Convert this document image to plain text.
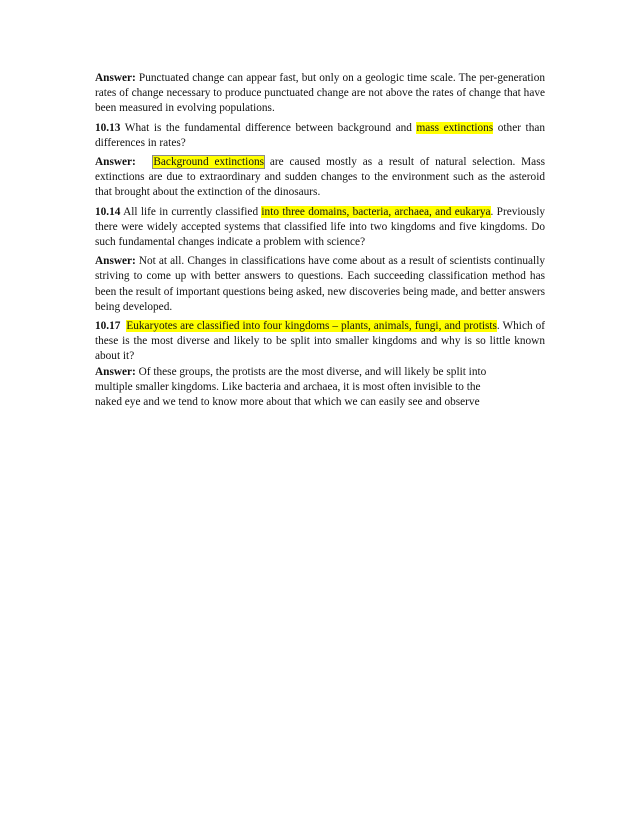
Answer: Punctuated change can appear fast, but only on a geologic time scale. The per-generation rates of change necessary to produce punctuated change are not above the rates of change that have been measured in evolving populations.

10.13 What is the fundamental difference between background and mass extinctions other than differences in rates?

Answer: Background extinctions are caused mostly as a result of natural selection. Mass extinctions are due to extraordinary and sudden changes to the environment such as the asteroid that brought about the extinction of the dinosaurs.

10.14 All life in currently classified into three domains, bacteria, archaea, and eukarya. Previously there were widely accepted systems that classified life into two kingdoms and five kingdoms. Do such fundamental changes indicate a problem with science?

Answer: Not at all. Changes in classifications have come about as a result of scientists continually striving to come up with better answers to questions. Each succeeding classification method has been the result of important questions being asked, new discoveries being made, and better answers being developed.

10.17 Eukaryotes are classified into four kingdoms – plants, animals, fungi, and protists. Which of these is the most diverse and likely to be split into smaller kingdoms and why is so little known about it?

Answer: Of these groups, the protists are the most diverse, and will likely be split into multiple smaller kingdoms. Like bacteria and archaea, it is most often invisible to the naked eye and we tend to know more about that which we can easily see and observe
